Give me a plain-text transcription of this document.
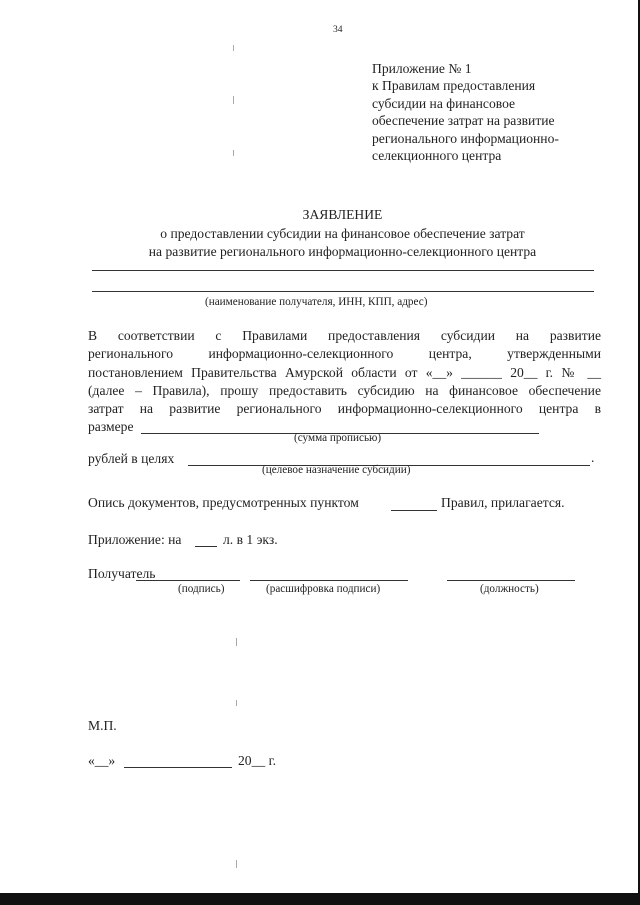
34
Приложение № 1
к Правилам предоставления
субсидии на финансовое
обеспечение затрат на развитие
регионального информационно-
селекционного центра
ЗАЯВЛЕНИЕ
о предоставлении субсидии на финансовое обеспечение затрат
на развитие регионального информационно-селекционного центра
(наименование получателя, ИНН, КПП, адрес)
В соответствии с Правилами предоставления субсидии на развитие
регионального информационно-селекционного центра, утвержденными
постановлением Правительства Амурской области от «__» ______ 20__ г. № __
(далее – Правила), прошу предоставить субсидию на финансовое обеспечение
затрат на развитие регионального информационно-селекционного центра в
размере
(сумма прописью)
рублей в целях	.
(целевое назначение субсидии)
Опись документов, предусмотренных пунктом	Правил, прилагается.
Приложение: на	л. в 1 экз.
Получатель
(подпись)	(расшифровка подписи)	(должность)
М.П.
«__»	20__ г.
